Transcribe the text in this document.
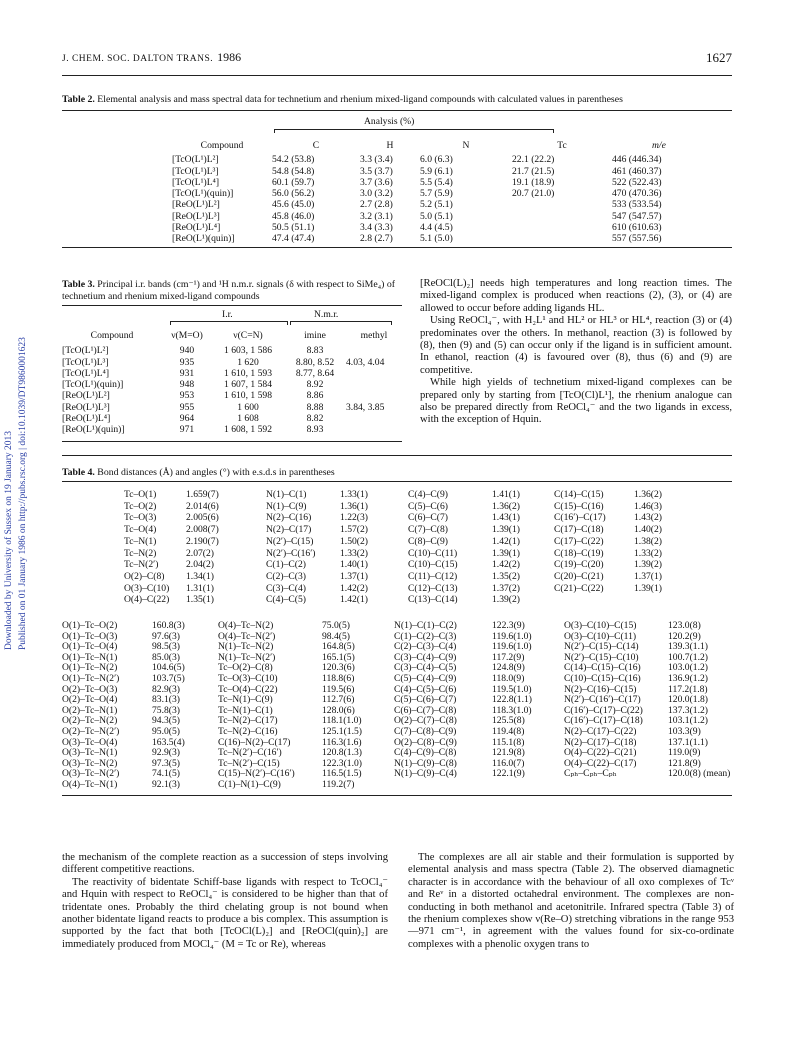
J. CHEM. SOC. DALTON TRANS. 1986	1627
Downloaded by University of Sussex on 19 January 2013 Published on 01 January 1986 on http://pubs.rsc.org | doi:10.1039/DT9860001623
Table 2. Elemental analysis and mass spectral data for technetium and rhenium mixed-ligand compounds with calculated values in parentheses
Analysis (%)
Compound	C	H	N	Tc	m/e
[TcO(L¹)L²]	54.2 (53.8)	3.3 (3.4)	6.0 (6.3)	22.1 (22.2)	446 (446.34)
[TcO(L¹)L³]	54.8 (54.8)	3.5 (3.7)	5.9 (6.1)	21.7 (21.5)	461 (460.37)
[TcO(L¹)L⁴]	60.1 (59.7)	3.7 (3.6)	5.5 (5.4)	19.1 (18.9)	522 (522.43)
[TcO(L¹)(quin)]	56.0 (56.2)	3.0 (3.2)	5.7 (5.9)	20.7 (21.0)	470 (470.36)
[ReO(L¹)L²]	45.6 (45.0)	2.7 (2.8)	5.2 (5.1)		533 (533.54)
[ReO(L¹)L³]	45.8 (46.0)	3.2 (3.1)	5.0 (5.1)		547 (547.57)
[ReO(L¹)L⁴]	50.5 (51.1)	3.4 (3.3)	4.4 (4.5)		610 (610.63)
[ReO(L¹)(quin)]	47.4 (47.4)	2.8 (2.7)	5.1 (5.0)		557 (557.56)
Table 3. Principal i.r. bands (cm⁻¹) and ¹H n.m.r. signals (δ with respect to SiMe₄) of technetium and rhenium mixed-ligand compounds
I.r.	N.m.r.
Compound	ν(M=O)	ν(C=N)	imine	methyl
[TcO(L¹)L²]	940	1 603, 1 586	8.83	
[TcO(L¹)L³]	935	1 620	8.80, 8.52	4.03, 4.04
[TcO(L¹)L⁴]	931	1 610, 1 593	8.77, 8.64	
[TcO(L¹)(quin)]	948	1 607, 1 584	8.92	
[ReO(L¹)L²]	953	1 610, 1 598	8.86	
[ReO(L¹)L³]	955	1 600	8.88	3.84, 3.85
[ReO(L¹)L⁴]	964	1 608	8.82	
[ReO(L¹)(quin)]	971	1 608, 1 592	8.93	

[ReOCl(L)₂] needs high temperatures and long reaction times. The mixed-ligand complex is produced when reactions (2), (3), or (4) are allowed to occur before adding ligands HL.

Using ReOCl₄⁻, with H₂L¹ and HL² or HL³ or HL⁴, reaction (3) or (4) predominates over the others. In methanol, reaction (3) is followed by (8), then (9) and (5) can occur only if the ligand is in sufficient amount. In ethanol, reaction (4) is favoured over (8), thus (6) and (9) are competitive.

While high yields of technetium mixed-ligand complexes can be prepared only by starting from [TcO(Cl)L¹], the rhenium analogue can also be prepared directly from ReOCl₄⁻ and the two ligands in excess, with the exception of Hquin.

Table 4. Bond distances (Å) and angles (°) with e.s.d.s in parentheses
Tc–O(1)	1.659(7)	N(1)–C(1)	1.33(1)	C(4)–C(9)	1.41(1)	C(14)–C(15)	1.36(2)
Tc–O(2)	2.014(6)	N(1)–C(9)	1.36(1)	C(5)–C(6)	1.36(2)	C(15)–C(16)	1.46(3)
Tc–O(3)	2.005(6)	N(2)–C(16)	1.22(3)	C(6)–C(7)	1.43(1)	C(16′)–C(17)	1.43(2)
Tc–O(4)	2.008(7)	N(2)–C(17)	1.57(2)	C(7)–C(8)	1.39(1)	C(17)–C(18)	1.40(2)
Tc–N(1)	2.190(7)	N(2′)–C(15)	1.50(2)	C(8)–C(9)	1.42(1)	C(17)–C(22)	1.38(2)
Tc–N(2)	2.07(2)	N(2′)–C(16′)	1.33(2)	C(10)–C(11)	1.39(1)	C(18)–C(19)	1.33(2)
Tc–N(2′)	2.04(2)	C(1)–C(2)	1.40(1)	C(10)–C(15)	1.42(2)	C(19)–C(20)	1.39(2)
O(2)–C(8)	1.34(1)	C(2)–C(3)	1.37(1)	C(11)–C(12)	1.35(2)	C(20)–C(21)	1.37(1)
O(3)–C(10)	1.31(1)	C(3)–C(4)	1.42(2)	C(12)–C(13)	1.37(2)	C(21)–C(22)	1.39(1)
O(4)–C(22)	1.35(1)	C(4)–C(5)	1.42(1)	C(13)–C(14)	1.39(2)		
O(1)–Tc–O(2)	160.8(3)	O(4)–Tc–N(2)	75.0(5)	N(1)–C(1)–C(2)	122.3(9)	O(3)–C(10)–C(15)	123.0(8)
O(1)–Tc–O(3)	97.6(3)	O(4)–Tc–N(2′)	98.4(5)	C(1)–C(2)–C(3)	119.6(1.0)	O(3)–C(10)–C(11)	120.2(9)
O(1)–Tc–O(4)	98.5(3)	N(1)–Tc–N(2)	164.8(5)	C(2)–C(3)–C(4)	119.6(1.0)	N(2′)–C(15)–C(14)	139.3(1.1)
O(1)–Tc–N(1)	85.0(3)	N(1)–Tc–N(2′)	165.1(5)	C(3)–C(4)–C(9)	117.2(9)	N(2′)–C(15)–C(10)	100.7(1.2)
O(1)–Tc–N(2)	104.6(5)	Tc–O(2)–C(8)	120.3(6)	C(3)–C(4)–C(5)	124.8(9)	C(14)–C(15)–C(16)	103.0(1.2)
O(1)–Tc–N(2′)	103.7(5)	Tc–O(3)–C(10)	118.8(6)	C(5)–C(4)–C(9)	118.0(9)	C(10)–C(15)–C(16)	136.9(1.2)
O(2)–Tc–O(3)	82.9(3)	Tc–O(4)–C(22)	119.5(6)	C(4)–C(5)–C(6)	119.5(1.0)	N(2)–C(16)–C(15)	117.2(1.8)
O(2)–Tc–O(4)	83.1(3)	Tc–N(1)–C(9)	112.7(6)	C(5)–C(6)–C(7)	122.8(1.1)	N(2′)–C(16′)–C(17)	120.0(1.8)
O(2)–Tc–N(1)	75.8(3)	Tc–N(1)–C(1)	128.0(6)	C(6)–C(7)–C(8)	118.3(1.0)	C(16′)–C(17)–C(22)	137.3(1.2)
O(2)–Tc–N(2)	94.3(5)	Tc–N(2)–C(17)	118.1(1.0)	O(2)–C(7)–C(8)	125.5(8)	C(16′)–C(17)–C(18)	103.1(1.2)
O(2)–Tc–N(2′)	95.0(5)	Tc–N(2)–C(16)	125.1(1.5)	C(7)–C(8)–C(9)	119.4(8)	N(2)–C(17)–C(22)	103.3(9)
O(3)–Tc–O(4)	163.5(4)	C(16)–N(2)–C(17)	116.3(1.6)	O(2)–C(8)–C(9)	115.1(8)	N(2)–C(17)–C(18)	137.1(1.1)
O(3)–Tc–N(1)	92.9(3)	Tc–N(2′)–C(16′)	120.8(1.3)	C(4)–C(9)–C(8)	121.9(8)	O(4)–C(22)–C(21)	119.0(9)
O(3)–Tc–N(2)	97.3(5)	Tc–N(2′)–C(15)	122.3(1.0)	N(1)–C(9)–C(8)	116.0(7)	O(4)–C(22)–C(17)	121.8(9)
O(3)–Tc–N(2′)	74.1(5)	C(15)–N(2′)–C(16′)	116.5(1.5)	N(1)–C(9)–C(4)	122.1(9)	Cₚₕ–Cₚₕ–Cₚₕ	120.0(8) (mean)
O(4)–Tc–N(1)	92.1(3)	C(1)–N(1)–C(9)	119.2(7)				

the mechanism of the complete reaction as a succession of steps involving different competitive reactions.

The reactivity of bidentate Schiff-base ligands with respect to TcOCl₄⁻ and Hquin with respect to ReOCl₄⁻ is considered to be higher than that of tridentate ones. Probably the third chelating group is not bound when another bidentate ligand reacts to produce a bis complex. This assumption is supported by the fact that both [TcOCl(L)₂] and [ReOCl(quin)₂] are immediately produced from MOCl₄⁻ (M = Tc or Re), whereas

The complexes are all air stable and their formulation is supported by elemental analysis and mass spectra (Table 2). The observed diamagnetic character is in accordance with the behaviour of all oxo complexes of Tcᵛ and Reᵛ in a distorted octahedral environment. The complexes are non-conducting in both methanol and acetonitrile. Infrared spectra (Table 3) of the rhenium complexes show ν(Re–O) stretching vibrations in the range 953—971 cm⁻¹, in agreement with the values found for six-co-ordinate complexes with a phenolic oxygen trans to
